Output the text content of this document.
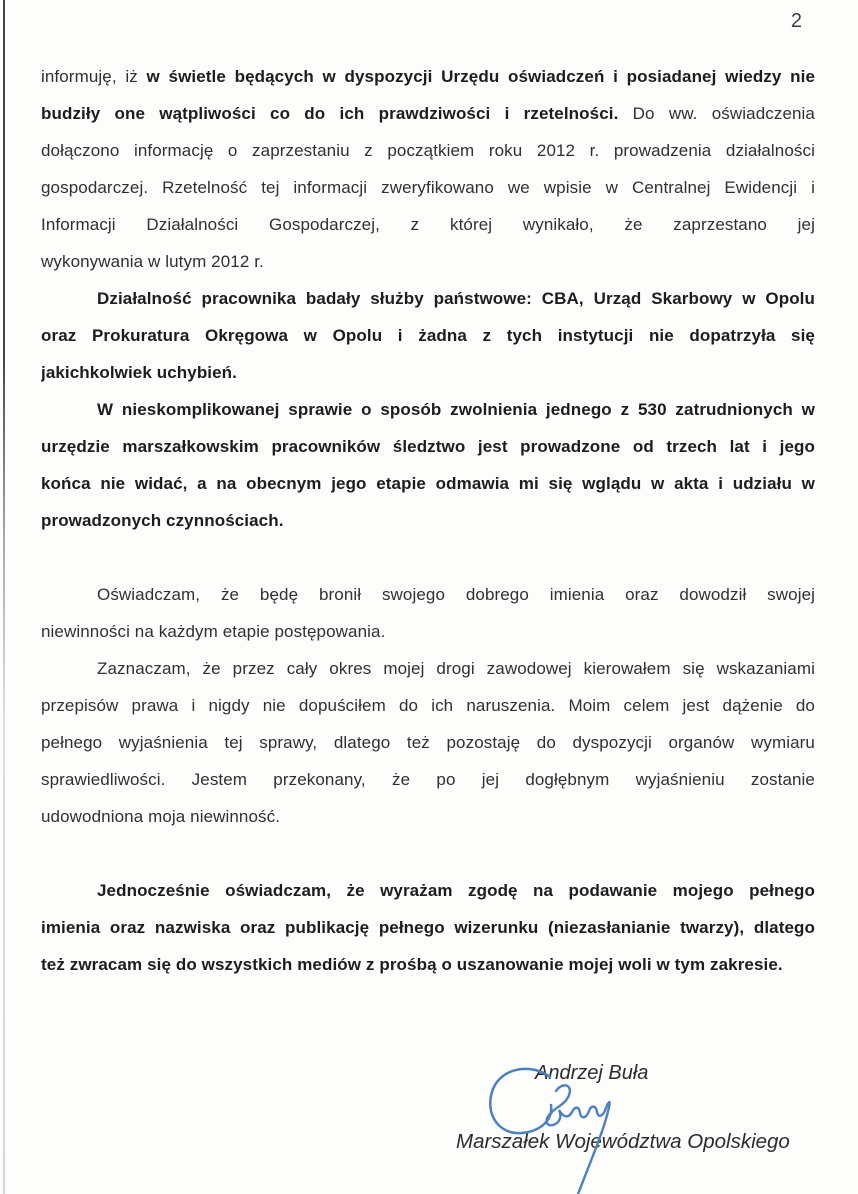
2
informuję, iż w świetle będących w dyspozycji Urzędu oświadczeń i posiadanej wiedzy nie
budziły one wątpliwości co do ich prawdziwości i rzetelności. Do ww. oświadczenia
dołączono informację o zaprzestaniu z początkiem roku 2012 r. prowadzenia działalności
gospodarczej. Rzetelność tej informacji zweryfikowano we wpisie w Centralnej Ewidencji i
Informacji Działalności Gospodarczej, z której wynikało, że zaprzestano jej
wykonywania w lutym 2012 r.
Działalność pracownika badały służby państwowe: CBA, Urząd Skarbowy w Opolu
oraz Prokuratura Okręgowa w Opolu i żadna z tych instytucji nie dopatrzyła się
jakichkolwiek uchybień.
W nieskomplikowanej sprawie o sposób zwolnienia jednego z 530 zatrudnionych w
urzędzie marszałkowskim pracowników śledztwo jest prowadzone od trzech lat i jego
końca nie widać, a na obecnym jego etapie odmawia mi się wglądu w akta i udziału w
prowadzonych czynnościach.
Oświadczam, że będę bronił swojego dobrego imienia oraz dowodził swojej
niewinności na każdym etapie postępowania.
Zaznaczam, że przez cały okres mojej drogi zawodowej kierowałem się wskazaniami
przepisów prawa i nigdy nie dopuściłem do ich naruszenia. Moim celem jest dążenie do
pełnego wyjaśnienia tej sprawy, dlatego też pozostaję do dyspozycji organów wymiaru
sprawiedliwości. Jestem przekonany, że po jej dogłębnym wyjaśnieniu zostanie
udowodniona moja niewinność.
Jednocześnie oświadczam, że wyrażam zgodę na podawanie mojego pełnego
imienia oraz nazwiska oraz publikację pełnego wizerunku (niezasłanianie twarzy), dlatego
też zwracam się do wszystkich mediów z prośbą o uszanowanie mojej woli w tym zakresie.
Andrzej Buła
Marszałek Województwa Opolskiego
